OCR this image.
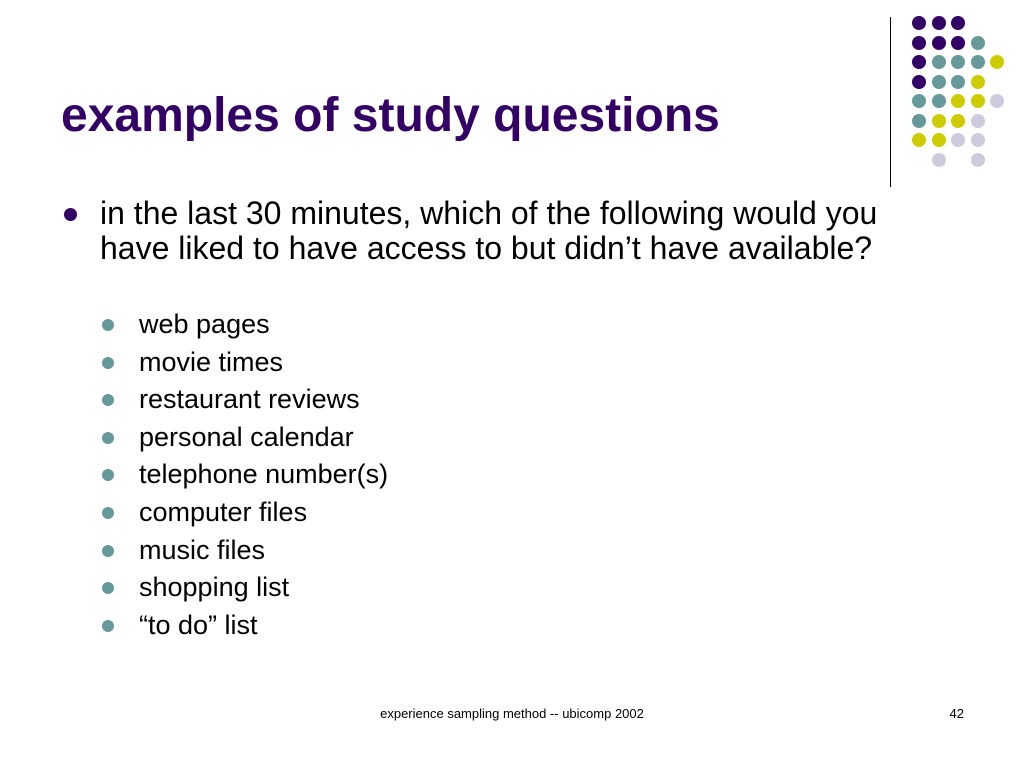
examples of study questions

in the last 30 minutes, which of the following would you have liked to have access to but didn’t have available?

web pages
movie times
restaurant reviews
personal calendar
telephone number(s)
computer files
music files
shopping list
“to do” list
experience sampling method -- ubicomp 2002	42
